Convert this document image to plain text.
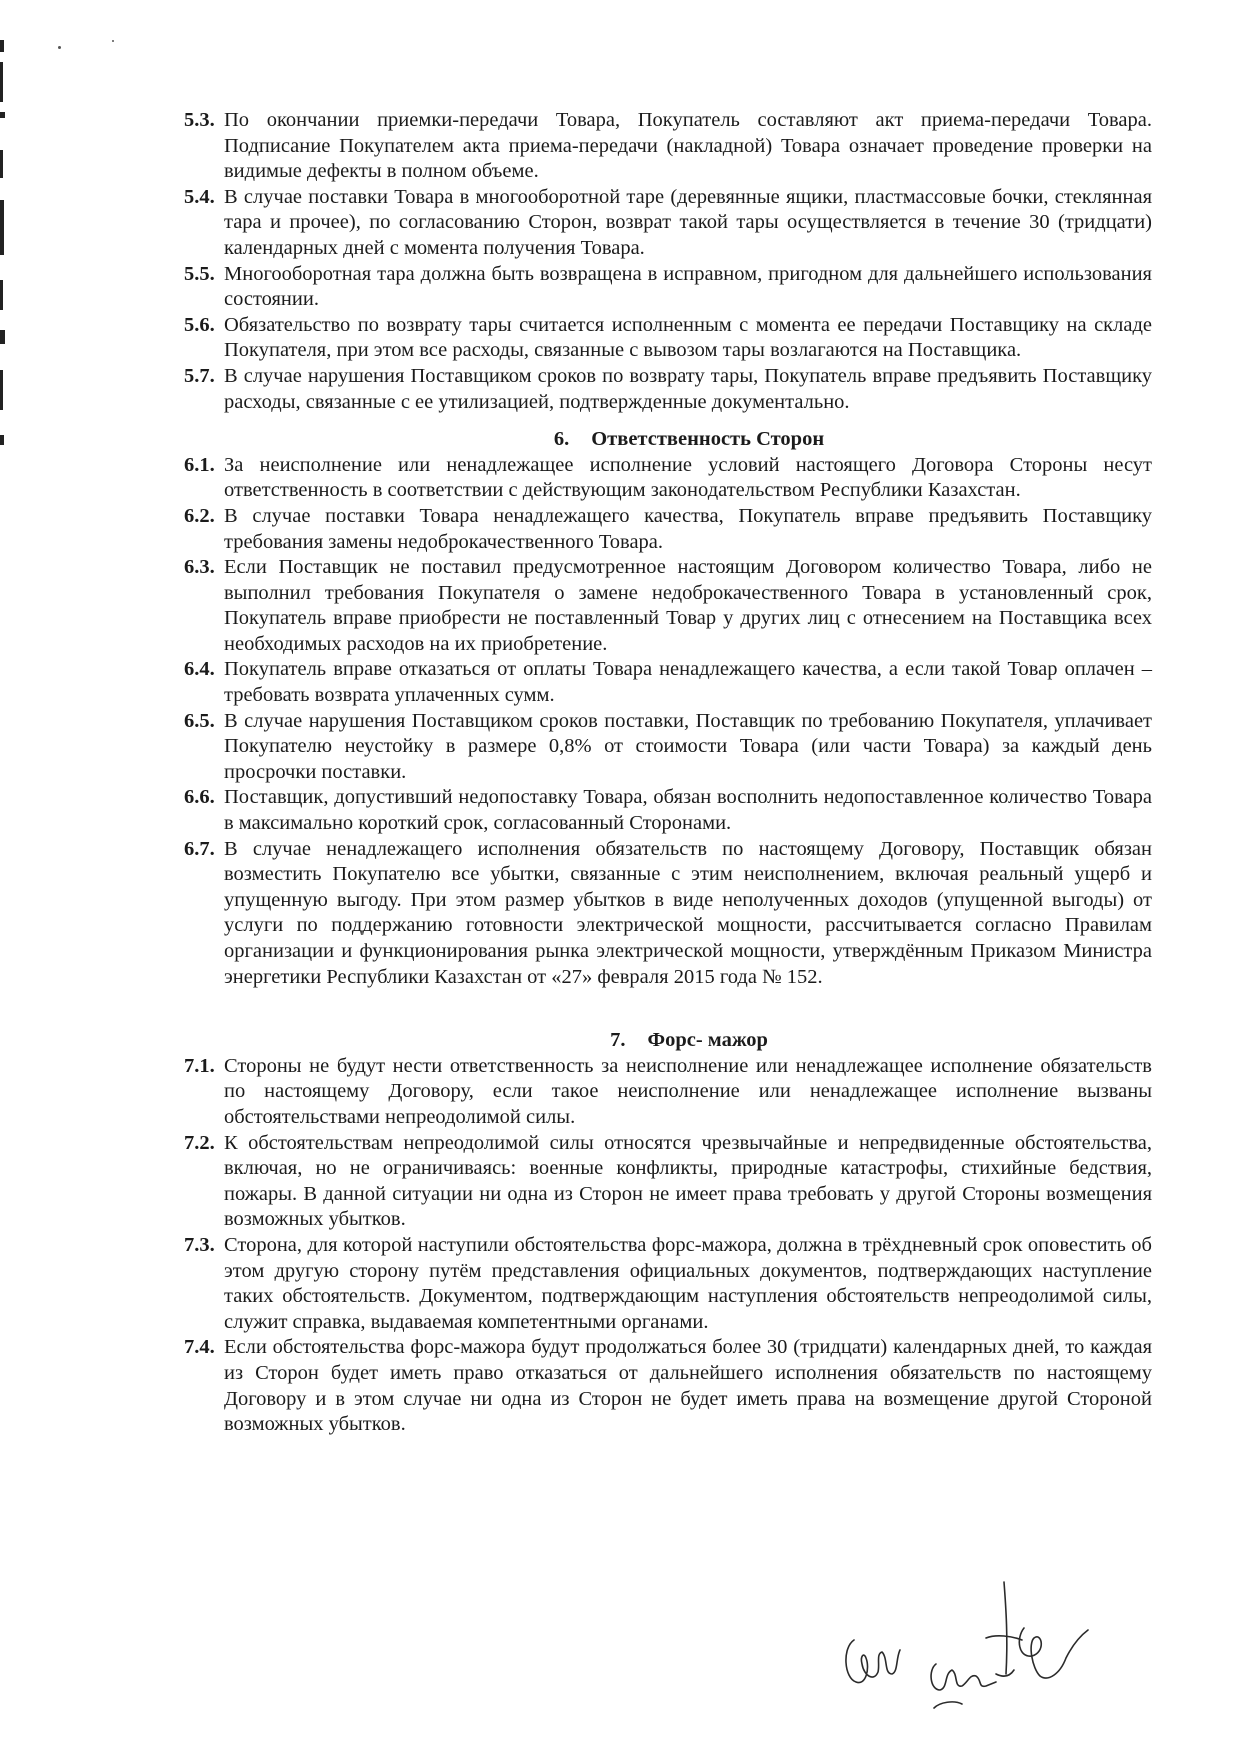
5.3. По окончании приемки-передачи Товара, Покупатель составляют акт приема-передачи Товара. Подписание Покупателем акта приема-передачи (накладной) Товара означает проведение проверки на видимые дефекты в полном объеме.

5.4. В случае поставки Товара в многооборотной таре (деревянные ящики, пластмассовые бочки, стеклянная тара и прочее), по согласованию Сторон, возврат такой тары осуществляется в течение 30 (тридцати) календарных дней с момента получения Товара.

5.5. Многооборотная тара должна быть возвращена в исправном, пригодном для дальнейшего использования состоянии.

5.6. Обязательство по возврату тары считается исполненным с момента ее передачи Поставщику на складе Покупателя, при этом все расходы, связанные с вывозом тары возлагаются на Поставщика.

5.7. В случае нарушения Поставщиком сроков по возврату тары, Покупатель вправе предъявить Поставщику расходы, связанные с ее утилизацией, подтвержденные документально.

6. Ответственность Сторон

6.1. За неисполнение или ненадлежащее исполнение условий настоящего Договора Стороны несут ответственность в соответствии с действующим законодательством Республики Казахстан.

6.2. В случае поставки Товара ненадлежащего качества, Покупатель вправе предъявить Поставщику требования замены недоброкачественного Товара.

6.3. Если Поставщик не поставил предусмотренное настоящим Договором количество Товара, либо не выполнил требования Покупателя о замене недоброкачественного Товара в установленный срок, Покупатель вправе приобрести не поставленный Товар у других лиц с отнесением на Поставщика всех необходимых расходов на их приобретение.

6.4. Покупатель вправе отказаться от оплаты Товара ненадлежащего качества, а если такой Товар оплачен – требовать возврата уплаченных сумм.

6.5. В случае нарушения Поставщиком сроков поставки, Поставщик по требованию Покупателя, уплачивает Покупателю неустойку в размере 0,8% от стоимости Товара (или части Товара) за каждый день просрочки поставки.

6.6. Поставщик, допустивший недопоставку Товара, обязан восполнить недопоставленное количество Товара в максимально короткий срок, согласованный Сторонами.

6.7. В случае ненадлежащего исполнения обязательств по настоящему Договору, Поставщик обязан возместить Покупателю все убытки, связанные с этим неисполнением, включая реальный ущерб и упущенную выгоду. При этом размер убытков в виде неполученных доходов (упущенной выгоды) от услуги по поддержанию готовности электрической мощности, рассчитывается согласно Правилам организации и функционирования рынка электрической мощности, утверждённым Приказом Министра энергетики Республики Казахстан от «27» февраля 2015 года № 152.

7. Форс- мажор

7.1. Стороны не будут нести ответственность за неисполнение или ненадлежащее исполнение обязательств по настоящему Договору, если такое неисполнение или ненадлежащее исполнение вызваны обстоятельствами непреодолимой силы.

7.2. К обстоятельствам непреодолимой силы относятся чрезвычайные и непредвиденные обстоятельства, включая, но не ограничиваясь: военные конфликты, природные катастрофы, стихийные бедствия, пожары. В данной ситуации ни одна из Сторон не имеет права требовать у другой Стороны возмещения возможных убытков.

7.3. Сторона, для которой наступили обстоятельства форс-мажора, должна в трёхдневный срок оповестить об этом другую сторону путём представления официальных документов, подтверждающих наступление таких обстоятельств. Документом, подтверждающим наступления обстоятельств непреодолимой силы, служит справка, выдаваемая компетентными органами.

7.4. Если обстоятельства форс-мажора будут продолжаться более 30 (тридцати) календарных дней, то каждая из Сторон будет иметь право отказаться от дальнейшего исполнения обязательств по настоящему Договору и в этом случае ни одна из Сторон не будет иметь права на возмещение другой Стороной возможных убытков.
